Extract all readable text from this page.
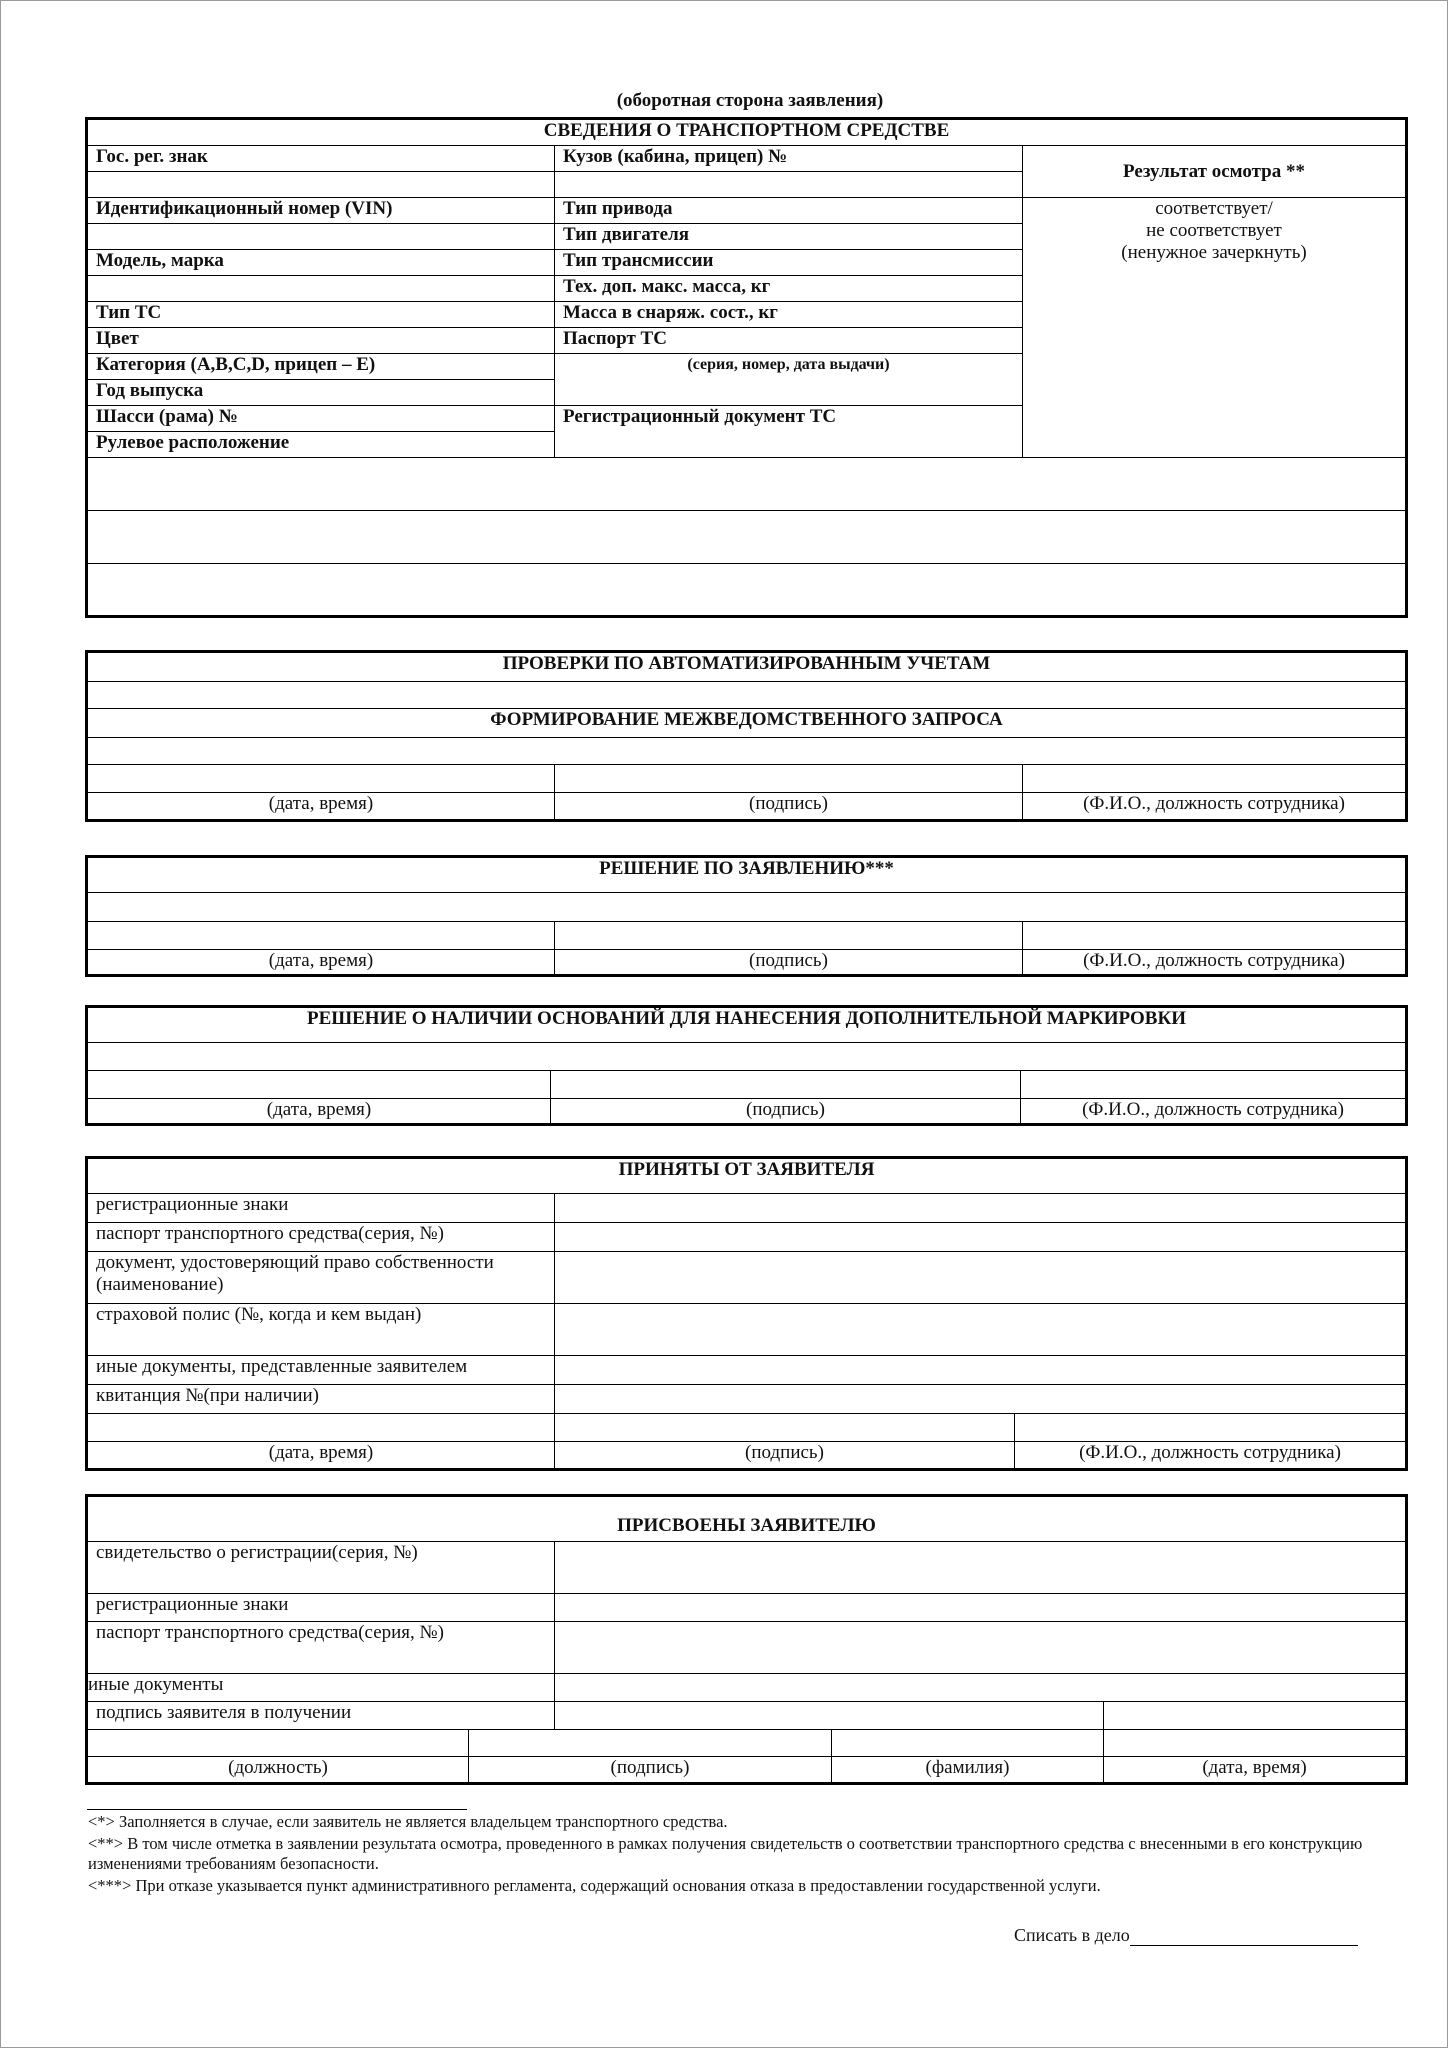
(оборотная сторона заявления)
СВЕДЕНИЯ О ТРАНСПОРТНОМ СРЕДСТВЕ		
Гос. рег. знак	Кузов (кабина, прицеп) №	Результат осмотра **

Идентификационный номер (VIN)	Тип привода	соответствует/
не соответствует
(ненужное зачеркнуть)

	Тип двигателя	
Модель, марка	Тип трансмиссии	
	Тех. доп. макс. масса, кг	
Тип ТС	Масса в снаряж. сост., кг	
Цвет	Паспорт ТС	
Категория (A,B,C,D, прицеп – E)	(серия, номер, дата выдачи)	
Год выпуска		
Шасси (рама) №	Регистрационный документ ТС	
Рулевое расположение		

ПРОВЕРКИ ПО АВТОМАТИЗИРОВАННЫМ УЧЕТАМ		

ФОРМИРОВАНИЕ МЕЖВЕДОМСТВЕННОГО ЗАПРОСА		

(дата, время)	(подпись)	(Ф.И.О., должность сотрудника)
РЕШЕНИЕ ПО ЗАЯВЛЕНИЮ***		

(дата, время)	(подпись)	(Ф.И.О., должность сотрудника)
РЕШЕНИЕ О НАЛИЧИИ ОСНОВАНИЙ ДЛЯ НАНЕСЕНИЯ ДОПОЛНИТЕЛЬНОЙ МАРКИРОВКИ		

(дата, время)	(подпись)	(Ф.И.О., должность сотрудника)
ПРИНЯТЫ ОТ ЗАЯВИТЕЛЯ		
регистрационные знаки		
паспорт транспортного средства(серия, №)		
документ, удостоверяющий право собственности (наименование)		
страховой полис (№, когда и кем выдан)		
иные документы, представленные заявителем		
квитанция №(при наличии)		

(дата, время)	(подпись)	(Ф.И.О., должность сотрудника)
ПРИСВОЕНЫ ЗАЯВИТЕЛЮ				
свидетельство о регистрации(серия, №)				
регистрационные знаки				
паспорт транспортного средства(серия, №)				
иные документы				
подпись заявителя в получении				

(должность)	(подпись)		(фамилия)	(дата, время)
<*> Заполняется в случае, если заявитель не является владельцем транспортного средства.
<**> В том числе отметка в заявлении результата осмотра, проведенного в рамках получения свидетельств о соответствии транспортного средства с внесенными в его конструкцию изменениями требованиям безопасности.
<***> При отказе указывается пункт административного регламента, содержащий основания отказа в предоставлении государственной услуги.
Списать в дело
